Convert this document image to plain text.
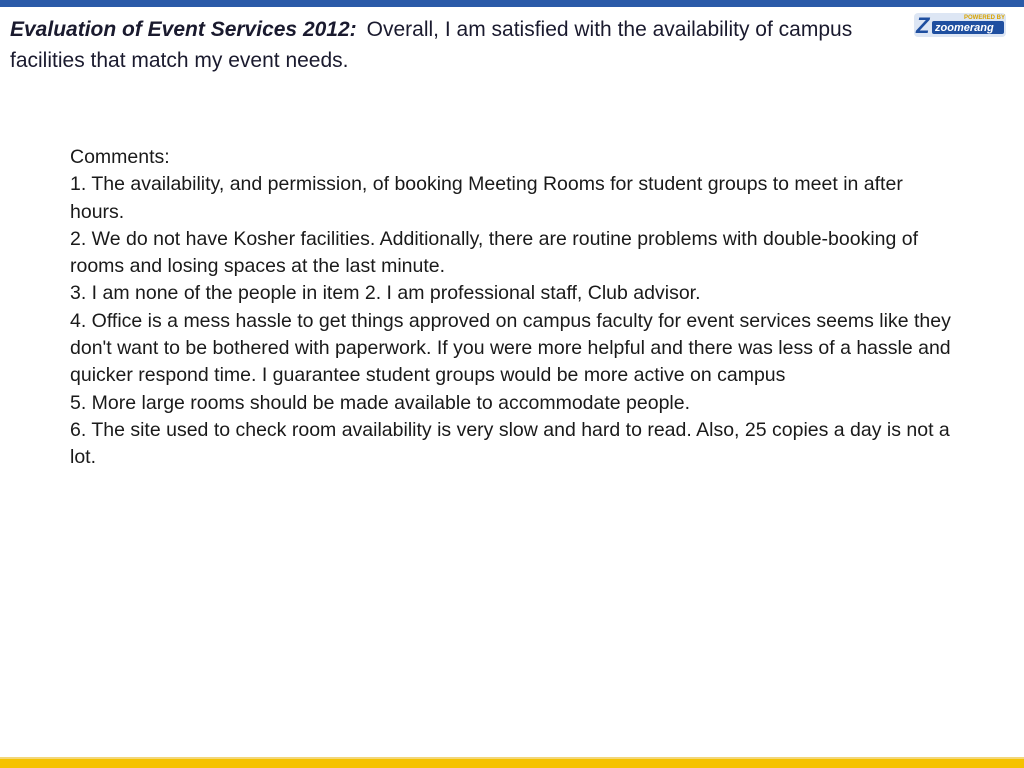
Evaluation of Event Services 2012: Overall, I am satisfied with the availability of campus facilities that match my event needs.
Z zoomerang
POWERED BY

Comments:

1. The availability, and permission, of booking Meeting Rooms for student groups to meet in after hours.

2. We do not have Kosher facilities. Additionally, there are routine problems with double-booking of rooms and losing spaces at the last minute.

3. I am none of the people in item 2. I am professional staff, Club advisor.

4. Office is a mess hassle to get things approved on campus faculty for event services seems like they don't want to be bothered with paperwork. If you were more helpful and there was less of a hassle and quicker respond time. I guarantee student groups would be more active on campus

5. More large rooms should be made available to accommodate people.

6. The site used to check room availability is very slow and hard to read. Also, 25 copies a day is not a lot.
